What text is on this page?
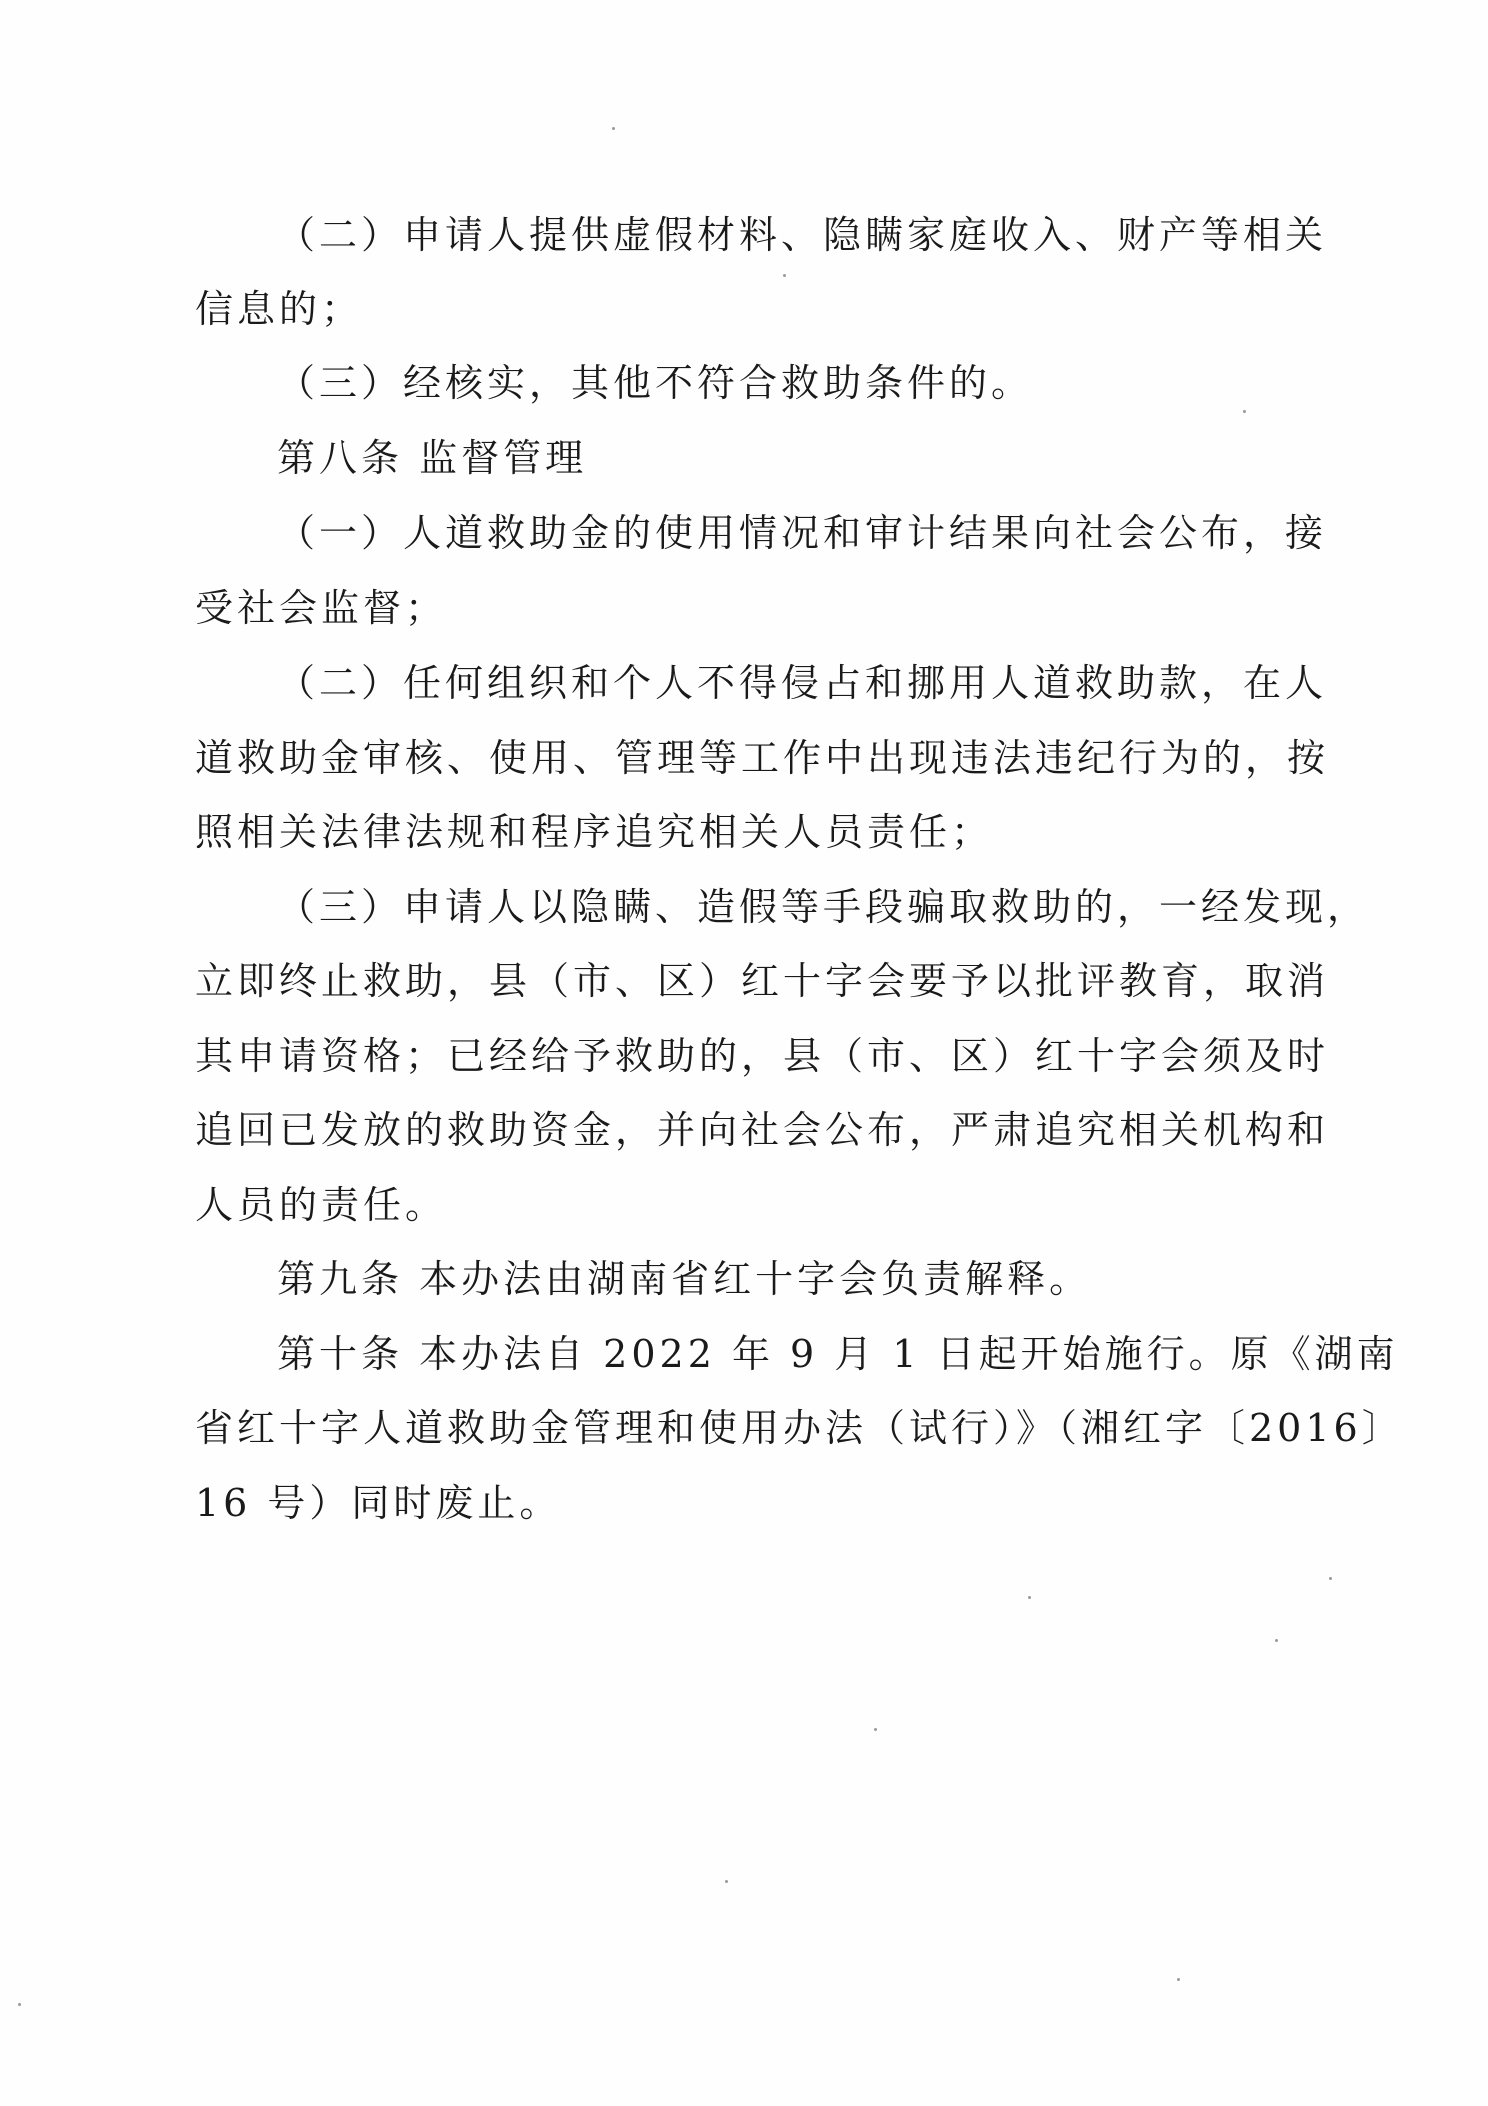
（二）申请人提供虚假材料、隐瞒家庭收入、财产等相关
信息的；
（三）经核实，其他不符合救助条件的。
第八条 监督管理
（一）人道救助金的使用情况和审计结果向社会公布，接
受社会监督；
（二）任何组织和个人不得侵占和挪用人道救助款，在人
道救助金审核、使用、管理等工作中出现违法违纪行为的，按
照相关法律法规和程序追究相关人员责任；
（三）申请人以隐瞒、造假等手段骗取救助的，一经发现，
立即终止救助，县（市、区）红十字会要予以批评教育，取消
其申请资格；已经给予救助的，县（市、区）红十字会须及时
追回已发放的救助资金，并向社会公布，严肃追究相关机构和
人员的责任。
第九条 本办法由湖南省红十字会负责解释。
第十条 本办法自 2022 年 9 月 1 日起开始施行。原《湖南
省红十字人道救助金管理和使用办法（试行）》（湘红字〔2016〕
16 号）同时废止。
